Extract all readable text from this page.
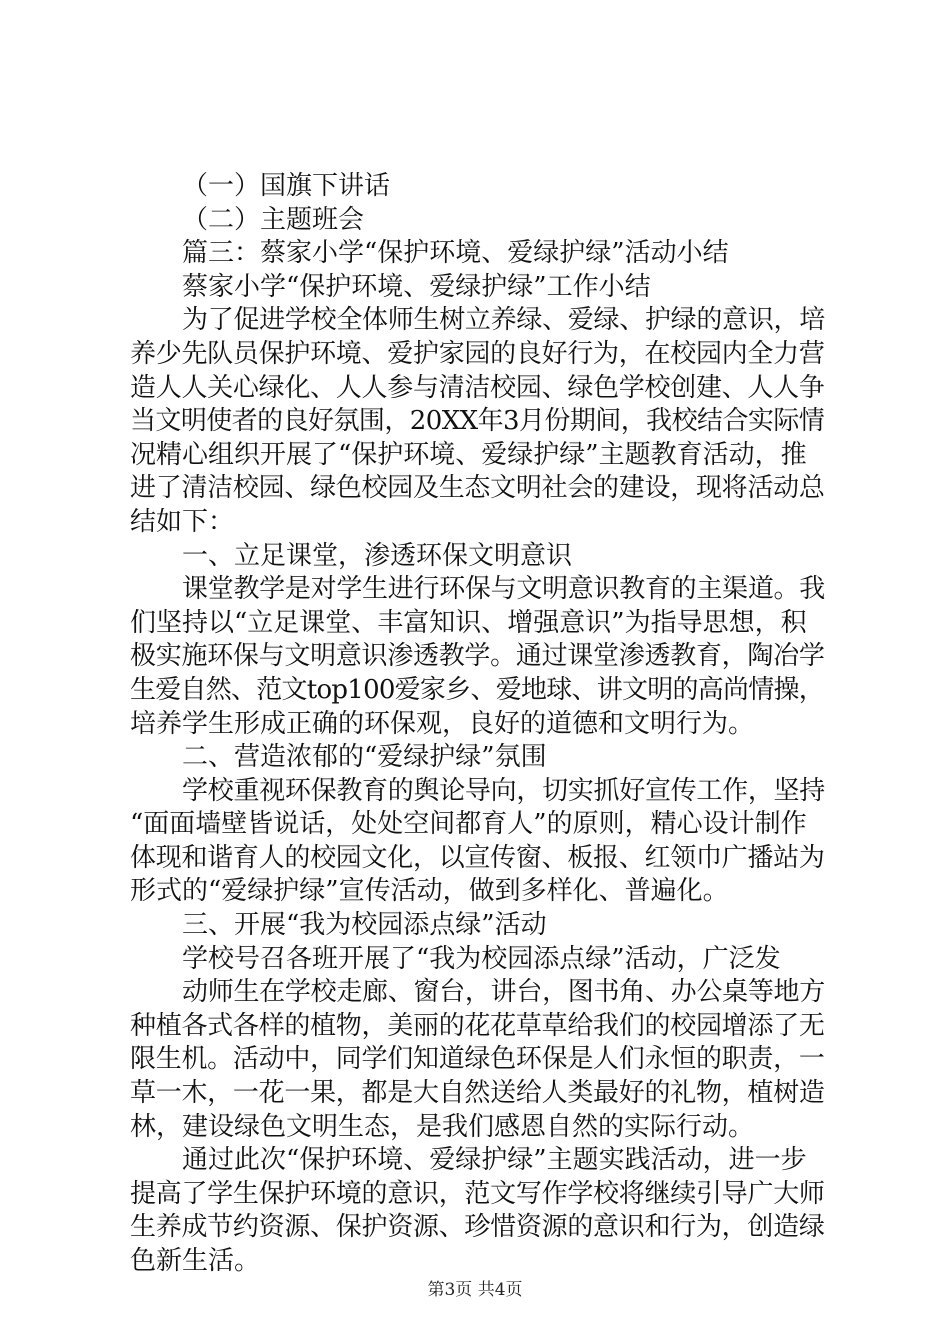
（一）国旗下讲话
（二）主题班会
篇三：蔡家小学“保护环境、爱绿护绿”活动小结
蔡家小学“保护环境、爱绿护绿”工作小结
为了促进学校全体师生树立养绿、爱绿、护绿的意识，培
养少先队员保护环境、爱护家园的良好行为，在校园内全力营
造人人关心绿化、人人参与清洁校园、绿色学校创建、人人争
当文明使者的良好氛围，20XX年3月份期间，我校结合实际情
况精心组织开展了“保护环境、爱绿护绿”主题教育活动，推
进了清洁校园、绿色校园及生态文明社会的建设，现将活动总
结如下：
一、立足课堂，渗透环保文明意识
课堂教学是对学生进行环保与文明意识教育的主渠道。我
们坚持以“立足课堂、丰富知识、增强意识”为指导思想，积
极实施环保与文明意识渗透教学。通过课堂渗透教育，陶冶学
生爱自然、范文top100爱家乡、爱地球、讲文明的高尚情操，
培养学生形成正确的环保观，良好的道德和文明行为。
二、营造浓郁的“爱绿护绿”氛围
学校重视环保教育的舆论导向，切实抓好宣传工作，坚持
“面面墙壁皆说话，处处空间都育人”的原则，精心设计制作
体现和谐育人的校园文化，以宣传窗、板报、红领巾广播站为
形式的“爱绿护绿”宣传活动，做到多样化、普遍化。
三、开展“我为校园添点绿”活动
学校号召各班开展了“我为校园添点绿”活动，广泛发
动师生在学校走廊、窗台，讲台，图书角、办公桌等地方
种植各式各样的植物，美丽的花花草草给我们的校园增添了无
限生机。活动中，同学们知道绿色环保是人们永恒的职责，一
草一木，一花一果，都是大自然送给人类最好的礼物，植树造
林，建设绿色文明生态，是我们感恩自然的实际行动。
通过此次“保护环境、爱绿护绿”主题实践活动，进一步
提高了学生保护环境的意识，范文写作学校将继续引导广大师
生养成节约资源、保护资源、珍惜资源的意识和行为，创造绿
色新生活。
第3页 共4页
